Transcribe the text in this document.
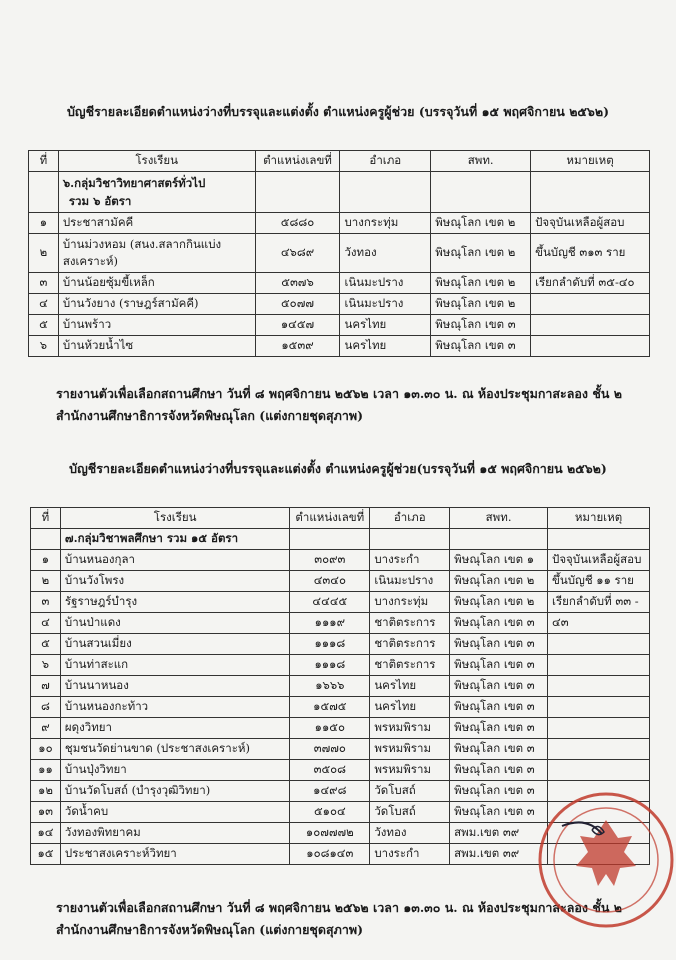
บัญชีรายละเอียดตำแหน่งว่างที่บรรจุและแต่งตั้ง ตำแหน่งครูผู้ช่วย (บรรจุวันที่ ๑๕ พฤศจิกายน ๒๕๖๒)
ที่	โรงเรียน	ตำแหน่งเลขที่	อำเภอ	สพท.	หมายเหตุ

	๖.กลุ่มวิชาวิทยาศาสตร์ทั่วไป
รวม ๖ อัตรา				

๑	ประชาสามัคคี	๕๘๘๐	บางกระทุ่ม	พิษณุโลก เขต ๒	ปัจจุบันเหลือผู้สอบ
๒	บ้านม่วงหอม (สนง.สลากกินแบ่ง
สงเคราะห์)	๔๖๘๙	วังทอง	พิษณุโลก เขต ๒	ขึ้นบัญชี ๓๑๓ ราย
๓	บ้านน้อยซุ้มขี้เหล็ก	๕๓๗๖	เนินมะปราง	พิษณุโลก เขต ๒	เรียกลำดับที่ ๓๕-๔๐
๔	บ้านวังยาง (ราษฎร์สามัคคี)	๕๐๗๗	เนินมะปราง	พิษณุโลก เขต ๒	
๕	บ้านพร้าว	๑๔๕๗	นครไทย	พิษณุโลก เขต ๓	
๖	บ้านห้วยน้ำไซ	๑๕๓๙	นครไทย	พิษณุโลก เขต ๓	
รายงานตัวเพื่อเลือกสถานศึกษา วันที่ ๘ พฤศจิกายน ๒๕๖๒ เวลา ๑๓.๓๐ น. ณ ห้องประชุมกาสะลอง ชั้น ๒
สำนักงานศึกษาธิการจังหวัดพิษณุโลก (แต่งกายชุดสุภาพ)
บัญชีรายละเอียดตำแหน่งว่างที่บรรจุและแต่งตั้ง ตำแหน่งครูผู้ช่วย(บรรจุวันที่ ๑๕ พฤศจิกายน ๒๕๖๒)
ที่	โรงเรียน	ตำแหน่งเลขที่	อำเภอ	สพท.	หมายเหตุ
	๗.กลุ่มวิชาพลศึกษา รวม ๑๕ อัตรา				
๑	บ้านหนองกุลา	๓๐๙๓	บางระกำ	พิษณุโลก เขต ๑	ปัจจุบันเหลือผู้สอบ
๒	บ้านวังโพรง	๔๓๔๐	เนินมะปราง	พิษณุโลก เขต ๒	ขึ้นบัญชี ๑๑ ราย
๓	รัฐราษฎร์บำรุง	๔๔๔๕	บางกระทุ่ม	พิษณุโลก เขต ๒	เรียกลำดับที่ ๓๓ -
๔	บ้านป่าแดง	๑๑๑๙	ชาติตระการ	พิษณุโลก เขต ๓	๔๓
๕	บ้านสวนเมี่ยง	๑๑๑๘	ชาติตระการ	พิษณุโลก เขต ๓	
๖	บ้านท่าสะแก	๑๑๑๘	ชาติตระการ	พิษณุโลก เขต ๓	
๗	บ้านนาหนอง	๑๖๖๖	นครไทย	พิษณุโลก เขต ๓	
๘	บ้านหนองกะท้าว	๑๕๗๕	นครไทย	พิษณุโลก เขต ๓	
๙	ผดุงวิทยา	๑๑๕๐	พรหมพิราม	พิษณุโลก เขต ๓	
๑๐	ชุมชนวัดย่านขาด (ประชาสงเคราะห์)	๓๗๗๐	พรหมพิราม	พิษณุโลก เขต ๓	
๑๑	บ้านปุ่งวิทยา	๓๕๐๘	พรหมพิราม	พิษณุโลก เขต ๓	
๑๒	บ้านวัดโบสถ์ (บำรุงวุฒิวิทยา)	๑๔๙๘	วัดโบสถ์	พิษณุโลก เขต ๓	
๑๓	วัดน้ำคบ	๕๑๐๔	วัดโบสถ์	พิษณุโลก เขต ๓	
๑๔	วังทองพิทยาคม	๑๐๗๗๗๒	วังทอง	สพม.เขต ๓๙	
๑๕	ประชาสงเคราะห์วิทยา	๑๐๘๑๔๓	บางระกำ	สพม.เขต ๓๙	
รายงานตัวเพื่อเลือกสถานศึกษา วันที่ ๘ พฤศจิกายน ๒๕๖๒ เวลา ๑๓.๓๐ น. ณ ห้องประชุมกาสะลอง ชั้น ๒
สำนักงานศึกษาธิการจังหวัดพิษณุโลก (แต่งกายชุดสุภาพ)
